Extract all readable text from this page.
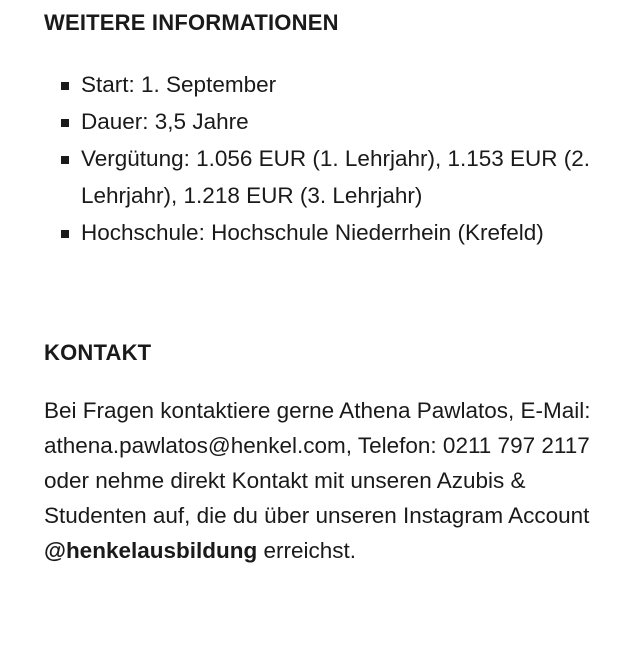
WEITERE INFORMATIONEN
Start: 1. September
Dauer: 3,5 Jahre
Vergütung: 1.056 EUR (1. Lehrjahr), 1.153 EUR (2. Lehrjahr), 1.218 EUR (3. Lehrjahr)
Hochschule: Hochschule Niederrhein (Krefeld)
KONTAKT

Bei Fragen kontaktiere gerne Athena Pawlatos, E-Mail: athena.pawlatos@henkel.com, Telefon: 0211 797 2117 oder nehme direkt Kontakt mit unseren Azubis & Studenten auf, die du über unseren Instagram Account @henkelausbildung erreichst.
